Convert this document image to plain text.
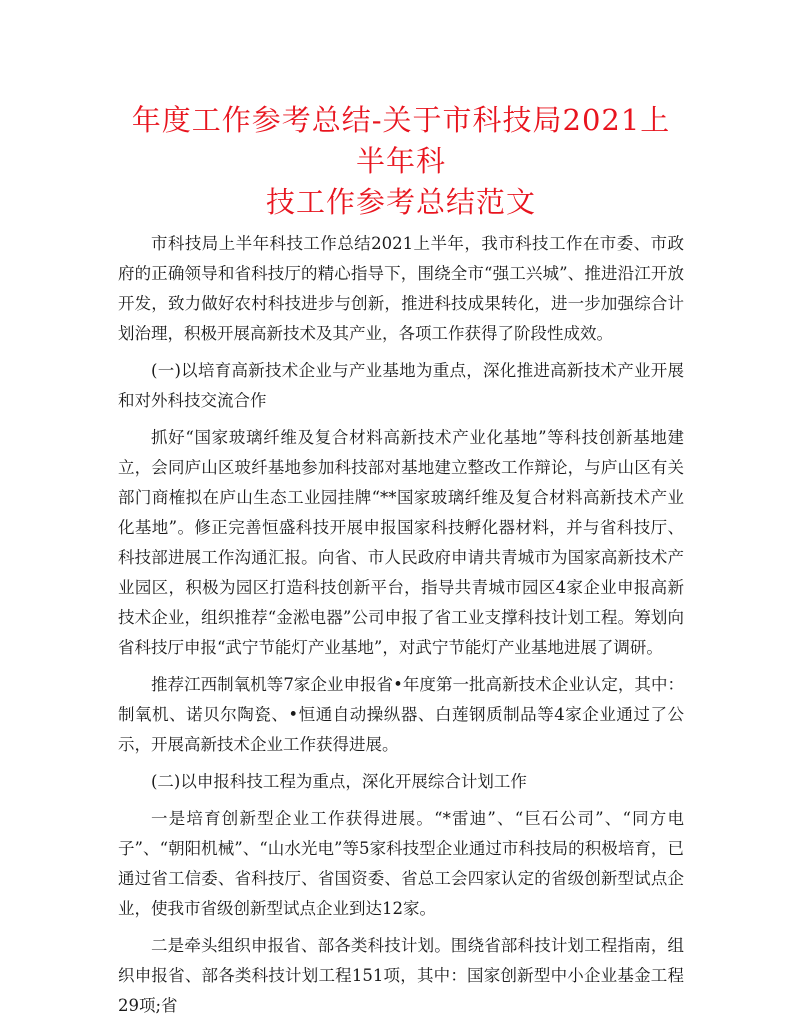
年度工作参考总结-关于市科技局2021上半年科
技工作参考总结范文

市科技局上半年科技工作总结2021上半年，我市科技工作在市委、市政府的正确领导和省科技厅的精心指导下，围绕全市“强工兴城”、推进沿江开放开发，致力做好农村科技进步与创新，推进科技成果转化，进一步加强综合计划治理，积极开展高新技术及其产业，各项工作获得了阶段性成效。

(一)以培育高新技术企业与产业基地为重点，深化推进高新技术产业开展和对外科技交流合作

抓好“国家玻璃纤维及复合材料高新技术产业化基地”等科技创新基地建立，会同庐山区玻纤基地参加科技部对基地建立整改工作辩论，与庐山区有关部门商榷拟在庐山生态工业园挂牌“**国家玻璃纤维及复合材料高新技术产业化基地”。修正完善恒盛科技开展申报国家科技孵化器材料，并与省科技厅、科技部进展工作沟通汇报。向省、市人民政府申请共青城市为国家高新技术产业园区，积极为园区打造科技创新平台，指导共青城市园区4家企业申报高新技术企业，组织推荐“金淞电器”公司申报了省工业支撑科技计划工程。筹划向省科技厅申报“武宁节能灯产业基地”，对武宁节能灯产业基地进展了调研。

推荐江西制氧机等7家企业申报省•年度第一批高新技术企业认定，其中：制氧机、诺贝尔陶瓷、•恒通自动操纵器、白莲钢质制品等4家企业通过了公示，开展高新技术企业工作获得进展。

(二)以申报科技工程为重点，深化开展综合计划工作

一是培育创新型企业工作获得进展。“*雷迪”、“巨石公司”、“同方电子”、“朝阳机械”、“山水光电”等5家科技型企业通过市科技局的积极培育，已通过省工信委、省科技厅、省国资委、省总工会四家认定的省级创新型试点企业，使我市省级创新型试点企业到达12家。

二是牵头组织申报省、部各类科技计划。围绕省部科技计划工程指南，组织申报省、部各类科技计划工程151项，其中：国家创新型中小企业基金工程29项;省
